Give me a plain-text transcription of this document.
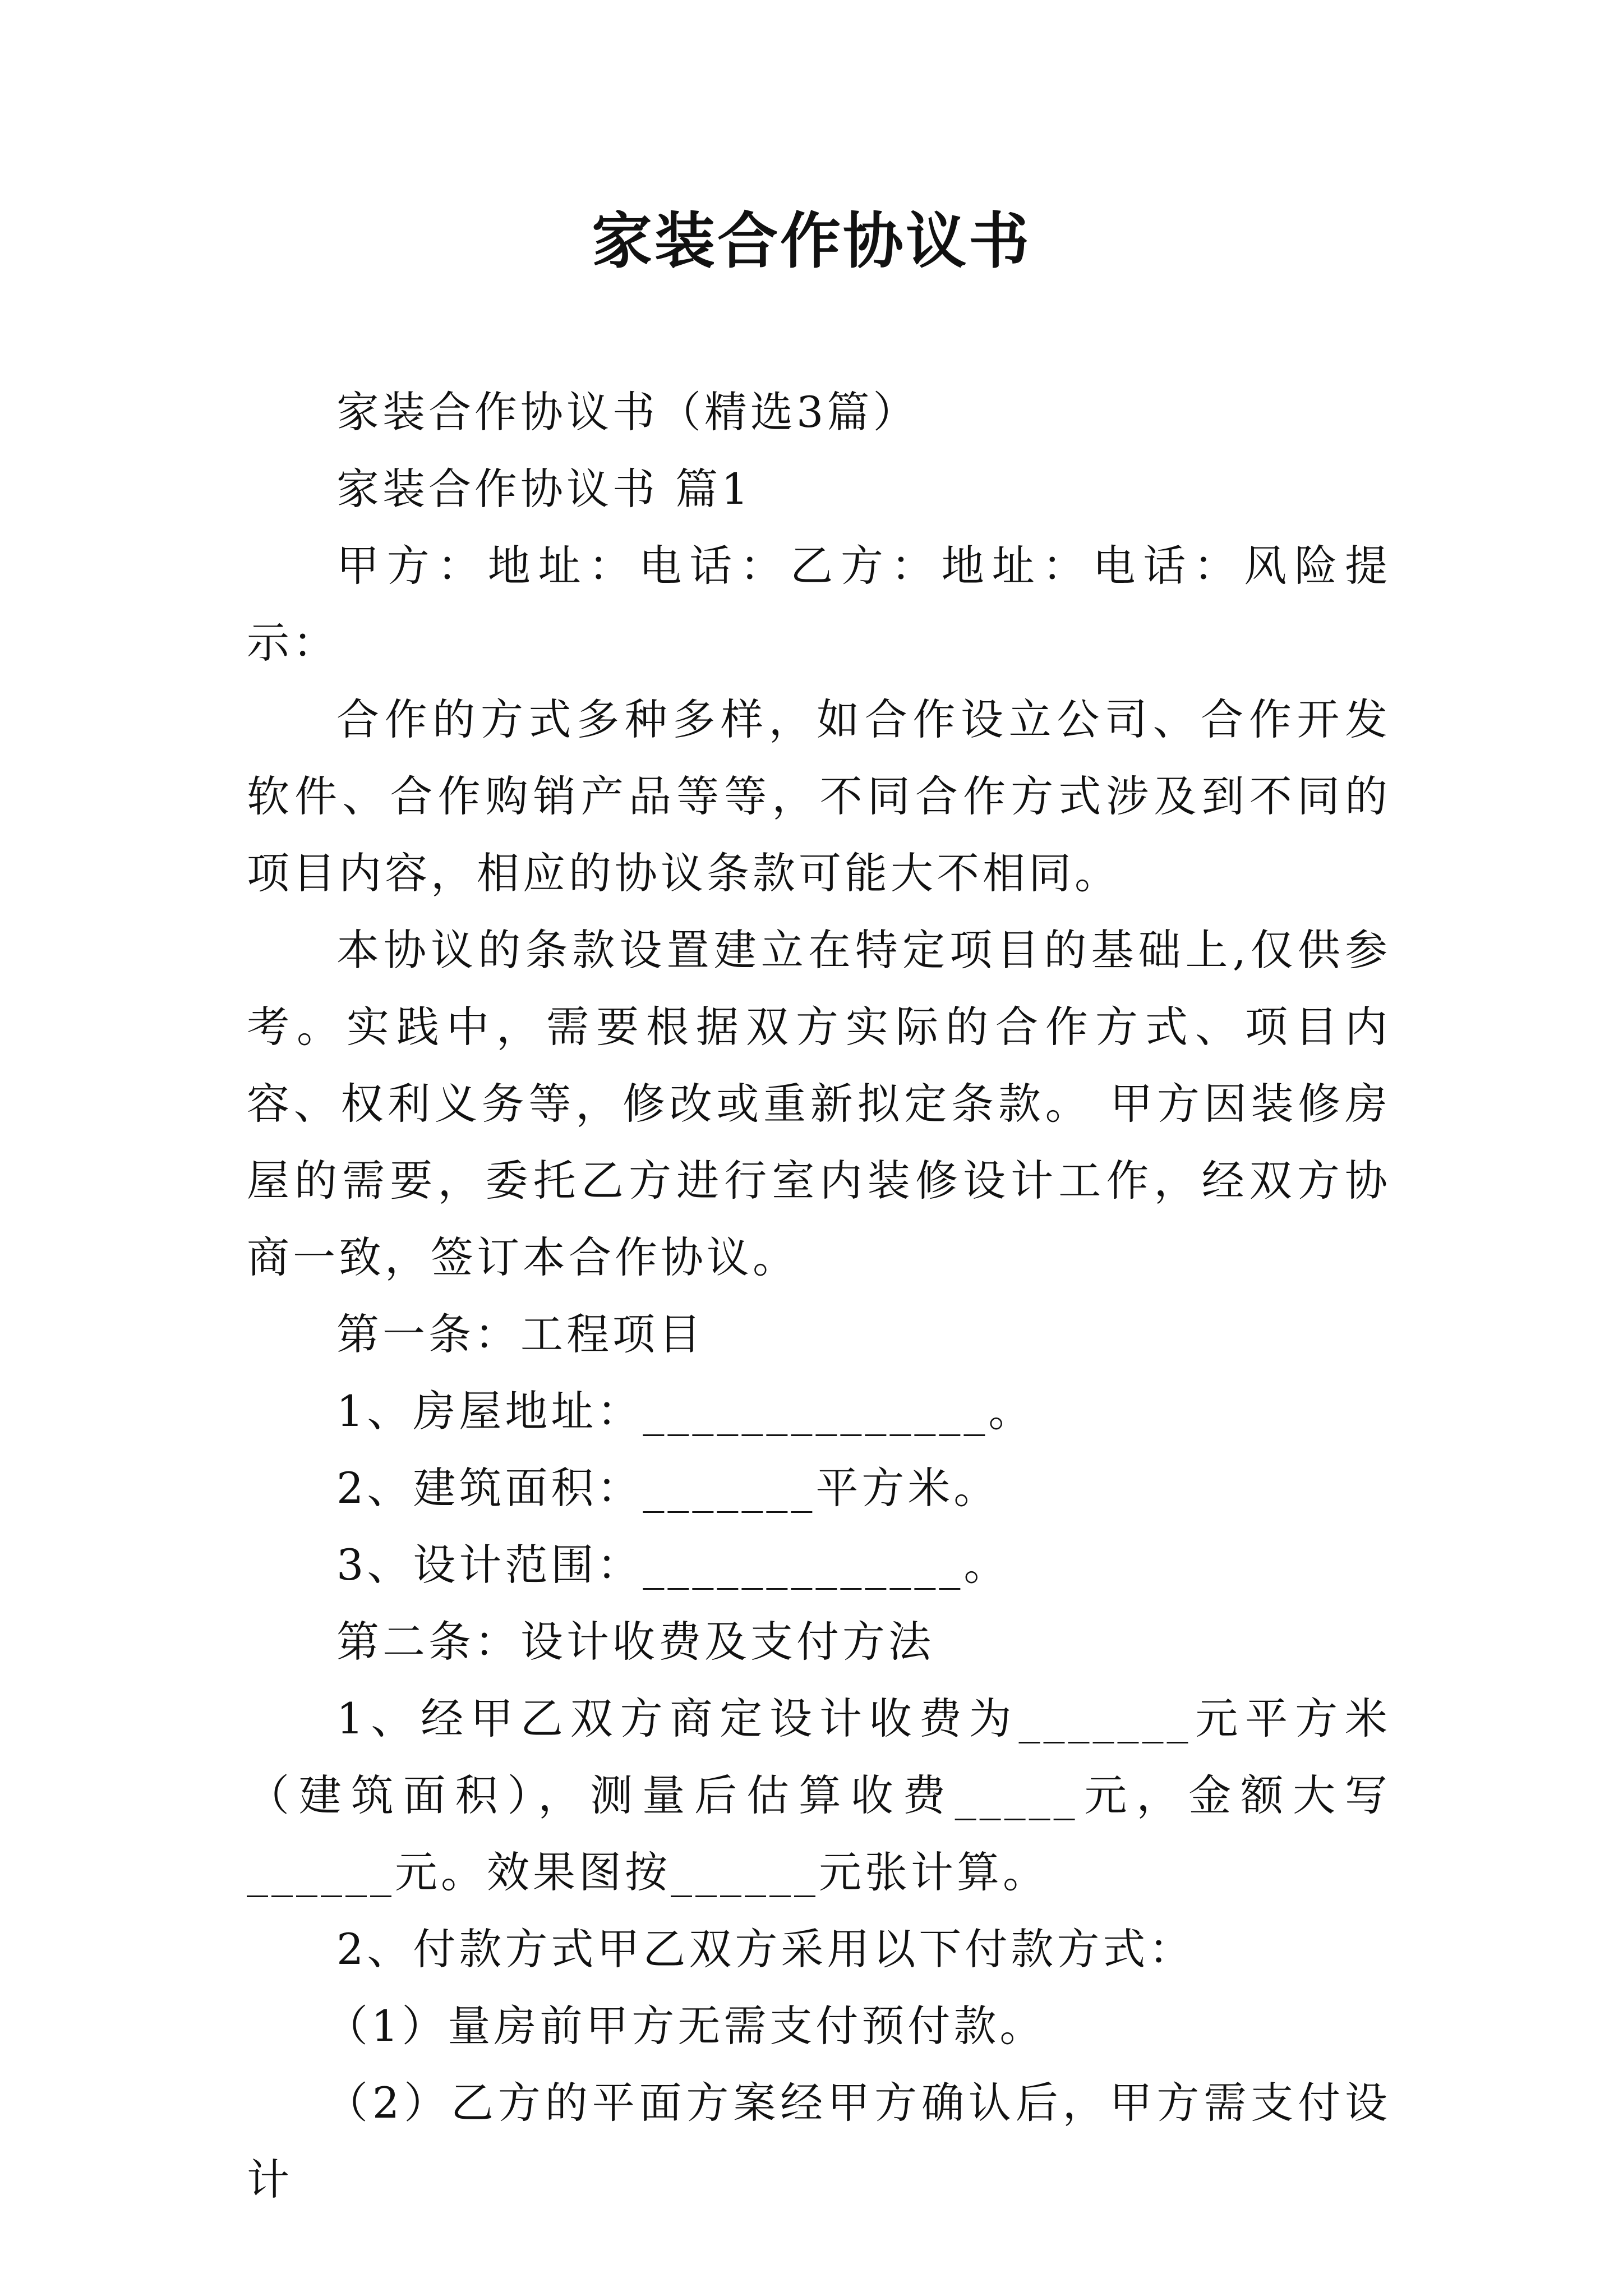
家装合作协议书

家装合作协议书（精选3篇）

家装合作协议书 篇1

甲方：地址：电话：乙方：地址：电话：风险提示：

合作的方式多种多样，如合作设立公司、合作开发软件、合作购销产品等等，不同合作方式涉及到不同的项目内容，相应的协议条款可能大不相同。

本协议的条款设置建立在特定项目的基础上,仅供参考。实践中，需要根据双方实际的合作方式、项目内容、权利义务等，修改或重新拟定条款。 甲方因装修房屋的需要，委托乙方进行室内装修设计工作，经双方协商一致，签订本合作协议。

第一条：工程项目

1、房屋地址：______________。

2、建筑面积：_______平方米。

3、设计范围：_____________。

第二条：设计收费及支付方法

1、经甲乙双方商定设计收费为_______元平方米（建筑面积），测量后估算收费_____元，金额大写______元。效果图按______元张计算。

2、付款方式甲乙双方采用以下付款方式：

（1）量房前甲方无需支付预付款。

（2）乙方的平面方案经甲方确认后，甲方需支付设计
